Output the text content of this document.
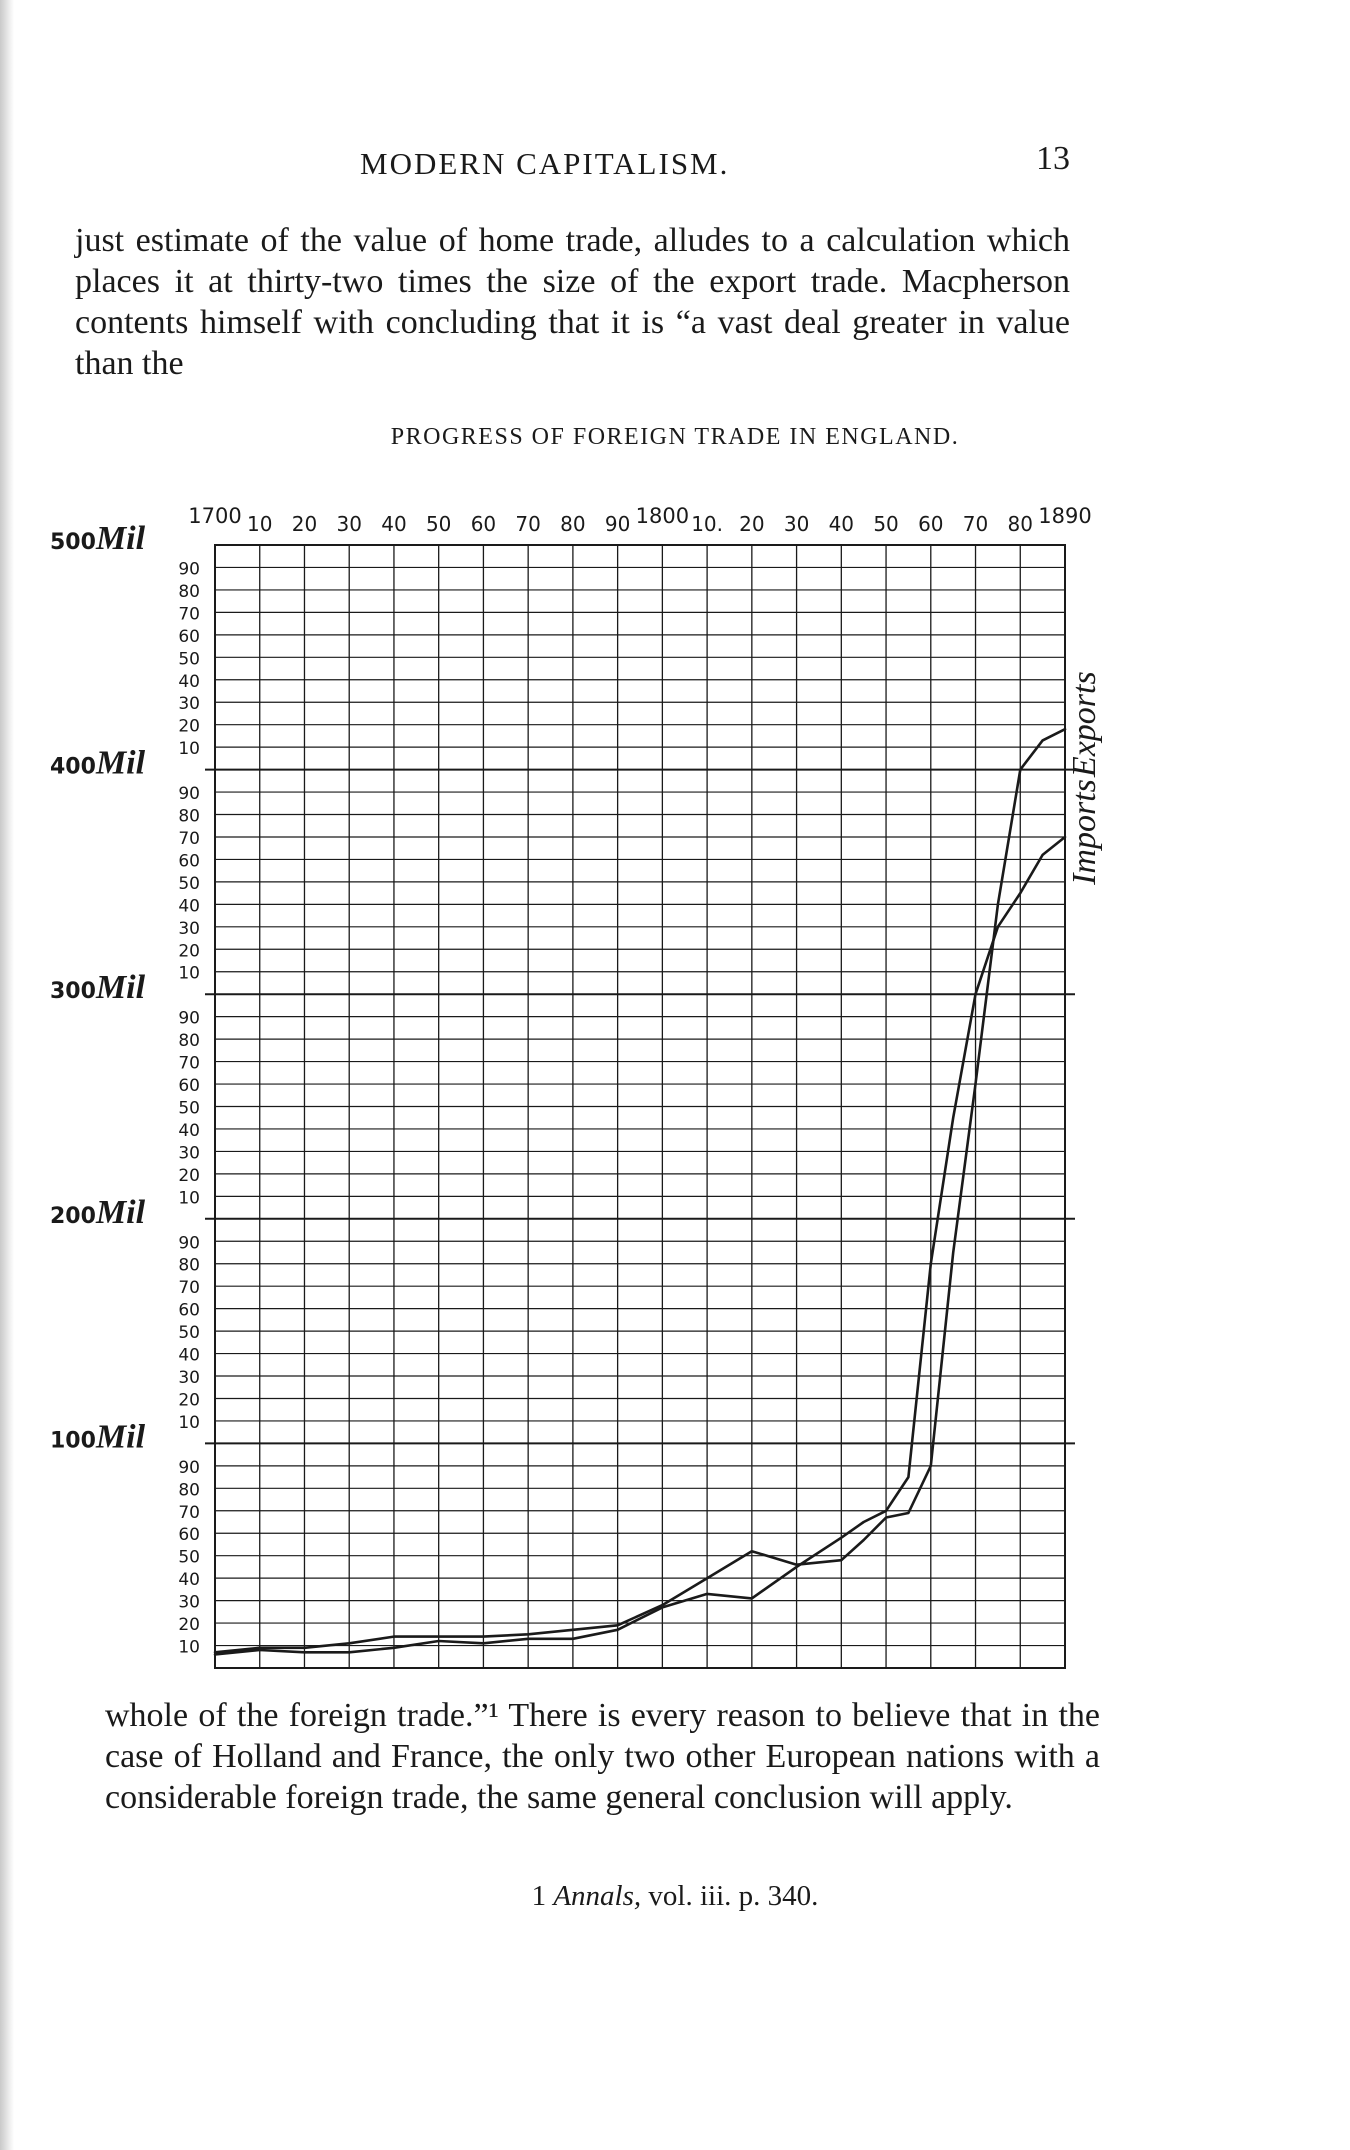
MODERN CAPITALISM.	13

just estimate of the value of home trade, alludes to a calculation which places it at thirty-two times the size of the export trade. Macpherson contents himself with concluding that it is “a vast deal greater in value than the

PROGRESS OF FOREIGN TRADE IN ENGLAND.
1700 10 20 30 40 50 60 70 80 90 1800 10. 20 30 40 50 60 70 80 1890
500Mil
400Mil
300Mil
200Mil
100Mil
10
20
30
40
50
60
70
80
90
10
20
30
40
50
60
70
80
90
10
20
30
40
50
60
70
80
90
10
20
30
40
50
60
70
80
90
10
20
30
40
50
60
70
80
90
Imports
Exports

whole of the foreign trade.”¹ There is every reason to believe that in the case of Holland and France, the only two other European nations with a considerable foreign trade, the same general conclusion will apply.

1 Annals, vol. iii. p. 340.
